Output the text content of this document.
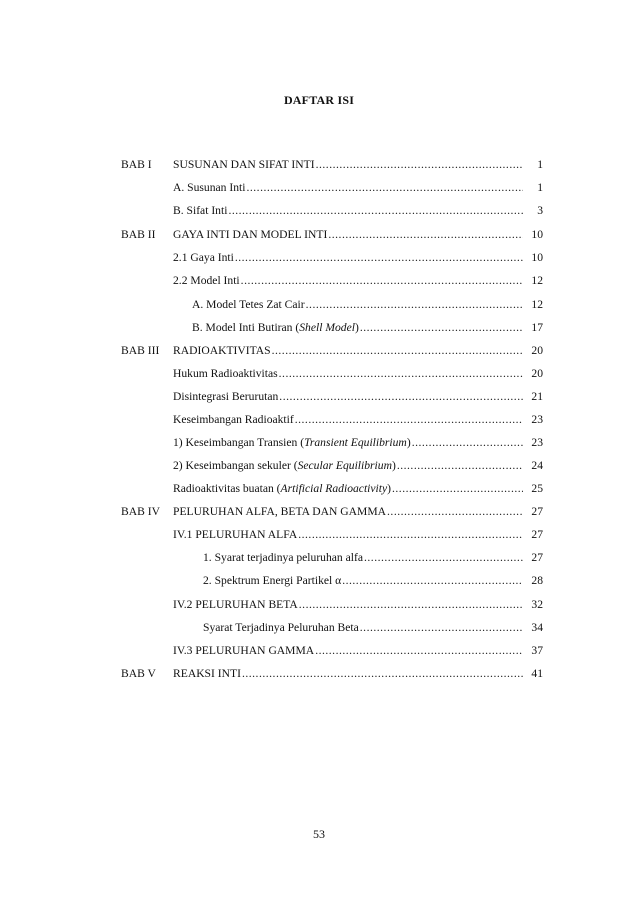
DAFTAR ISI
BAB I SUSUNAN DAN SIFAT INTI .....	1
A. Susunan Inti .....	1
B. Sifat Inti .....	3
BAB II GAYA INTI DAN MODEL INTI .....	10
2.1 Gaya Inti .....	10
2.2 Model Inti .....	12
A. Model Tetes Zat Cair .....	12
B. Model Inti Butiran (Shell Model) .....	17
BAB III RADIOAKTIVITAS .....	20
Hukum Radioaktivitas .....	20
Disintegrasi Berurutan .....	21
Keseimbangan Radioaktif .....	23
1) Keseimbangan Transien (Transient Equilibrium) .....	23
2) Keseimbangan sekuler (Secular Equilibrium) .....	24
Radioaktivitas buatan (Artificial Radioactivity) .....	25
BAB IV PELURUHAN ALFA, BETA DAN GAMMA .....	27
IV.1 PELURUHAN ALFA .....	27
1. Syarat terjadinya peluruhan alfa .....	27
2. Spektrum Energi Partikel α .....	28
IV.2 PELURUHAN BETA .....	32
Syarat Terjadinya Peluruhan Beta .....	34
IV.3 PELURUHAN GAMMA .....	37
BAB V REAKSI INTI .....	41
53
